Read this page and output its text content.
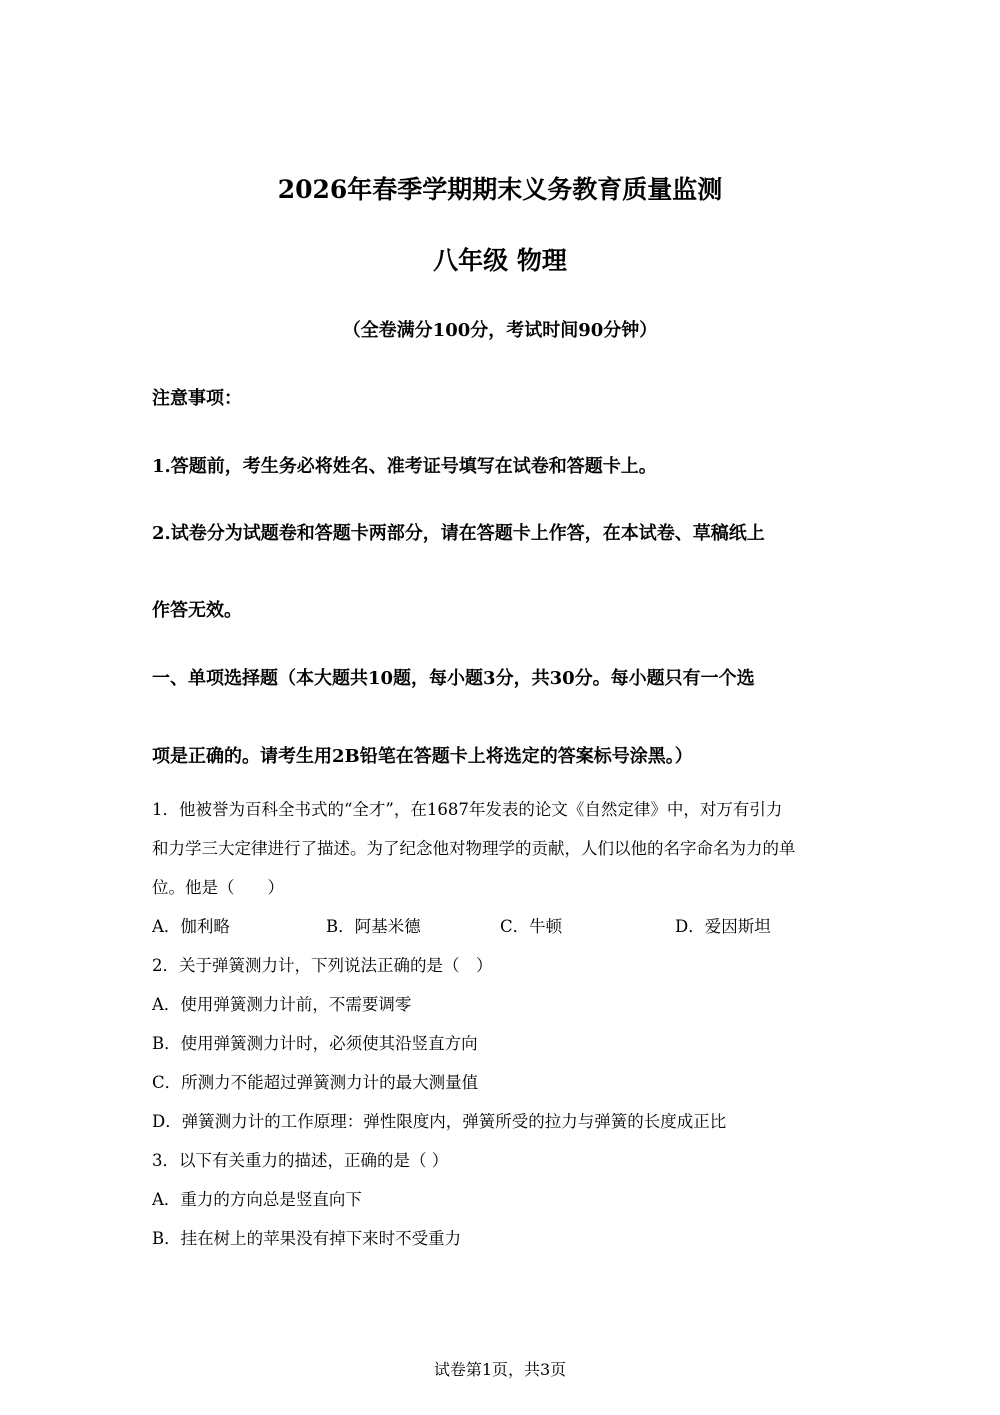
2026年春季学期期末义务教育质量监测
八年级 物理
（全卷满分100分，考试时间90分钟）
注意事项：
1.答题前，考生务必将姓名、准考证号填写在试卷和答题卡上。
2.试卷分为试题卷和答题卡两部分，请在答题卡上作答，在本试卷、草稿纸上
作答无效。
一、单项选择题（本大题共10题，每小题3分，共30分。每小题只有一个选
项是正确的。请考生用2B铅笔在答题卡上将选定的答案标号涂黑。）
1．他被誉为百科全书式的“全才”，在1687年发表的论文《自然定律》中，对万有引力
和力学三大定律进行了描述。为了纪念他对物理学的贡献，人们以他的名字命名为力的单
位。他是（　　）
A．伽利略	B．阿基米德	C．牛顿	D．爱因斯坦
2．关于弹簧测力计，下列说法正确的是（　）
A．使用弹簧测力计前，不需要调零
B．使用弹簧测力计时，必须使其沿竖直方向
C．所测力不能超过弹簧测力计的最大测量值
D．弹簧测力计的工作原理：弹性限度内，弹簧所受的拉力与弹簧的长度成正比
3．以下有关重力的描述，正确的是（ ）
A．重力的方向总是竖直向下
B．挂在树上的苹果没有掉下来时不受重力
试卷第1页，共3页
